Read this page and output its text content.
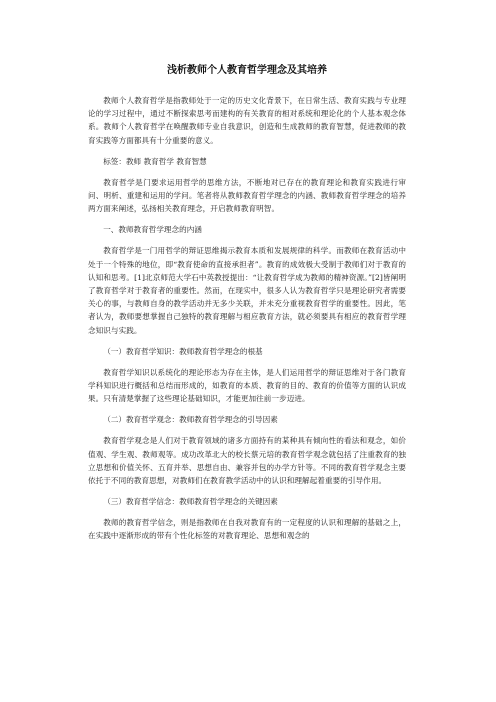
浅析教师个人教育哲学理念及其培养

教师个人教育哲学是指教师处于一定的历史文化背景下，在日常生活、教育实践与专业理论的学习过程中，通过不断探索思考而建构的有关教育的相对系统和理论化的个人基本观念体系。教师个人教育哲学在唤醒教师专业自我意识，创造和生成教师的教育智慧，促进教师的教育实践等方面都具有十分重要的意义。

标签：教师 教育哲学 教育智慧

教育哲学是门要求运用哲学的思维方法，不断地对已存在的教育理论和教育实践进行审问、明析、重建和运用的学问。笔者将从教师教育哲学理念的内涵、教师教育哲学理念的培养两方面来阐述，弘扬相关教育理念，开启教师教育明智。

一、教师教育哲学理念的内涵

教育哲学是一门用哲学的辩证思维揭示教育本质和发展规律的科学。而教师在教育活动中处于一个特殊的地位，即“教育使命的直接承担者”。教育的成效极大受制于教师们对于教育的认知和思考。[1]北京师范大学石中英教授提出：“让教育哲学成为教师的精神资源。”[2]皆阐明了教育哲学对于教育者的重要性。然而，在现实中，很多人认为教育哲学只是理论研究者需要关心的事，与教师自身的教学活动并无多少关联，并未充分重视教育哲学的重要性。因此，笔者认为，教师要想掌握自己独特的教育理解与相应教育方法，就必须要具有相应的教育哲学理念知识与实践。

（一）教育哲学知识：教师教育哲学理念的根基

教育哲学知识以系统化的理论形态为存在主体，是人们运用哲学的辩证思维对于各门教育学科知识进行概括和总结而形成的，如教育的本质、教育的目的、教育的价值等方面的认识成果。只有清楚掌握了这些理论基础知识，才能更加往前一步迈进。

（二）教育哲学观念：教师教育哲学理念的引导因素

教育哲学观念是人们对于教育领域的诸多方面持有的某种具有倾向性的看法和观念，如价值观、学生观、教师观等。成功改革北大的校长蔡元培的教育哲学观念就包括了注重教育的独立思想和价值关怀、五育并举、思想自由、兼容并包的办学方针等。不同的教育哲学观念主要依托于不同的教育思想，对教师们在教育教学活动中的认识和理解起着重要的引导作用。

（三）教育哲学信念：教师教育哲学理念的关键因素

教师的教育哲学信念，则是指教师在自我对教育有的一定程度的认识和理解的基础之上，在实践中逐渐形成的带有个性化标签的对教育理论、思想和观念的
